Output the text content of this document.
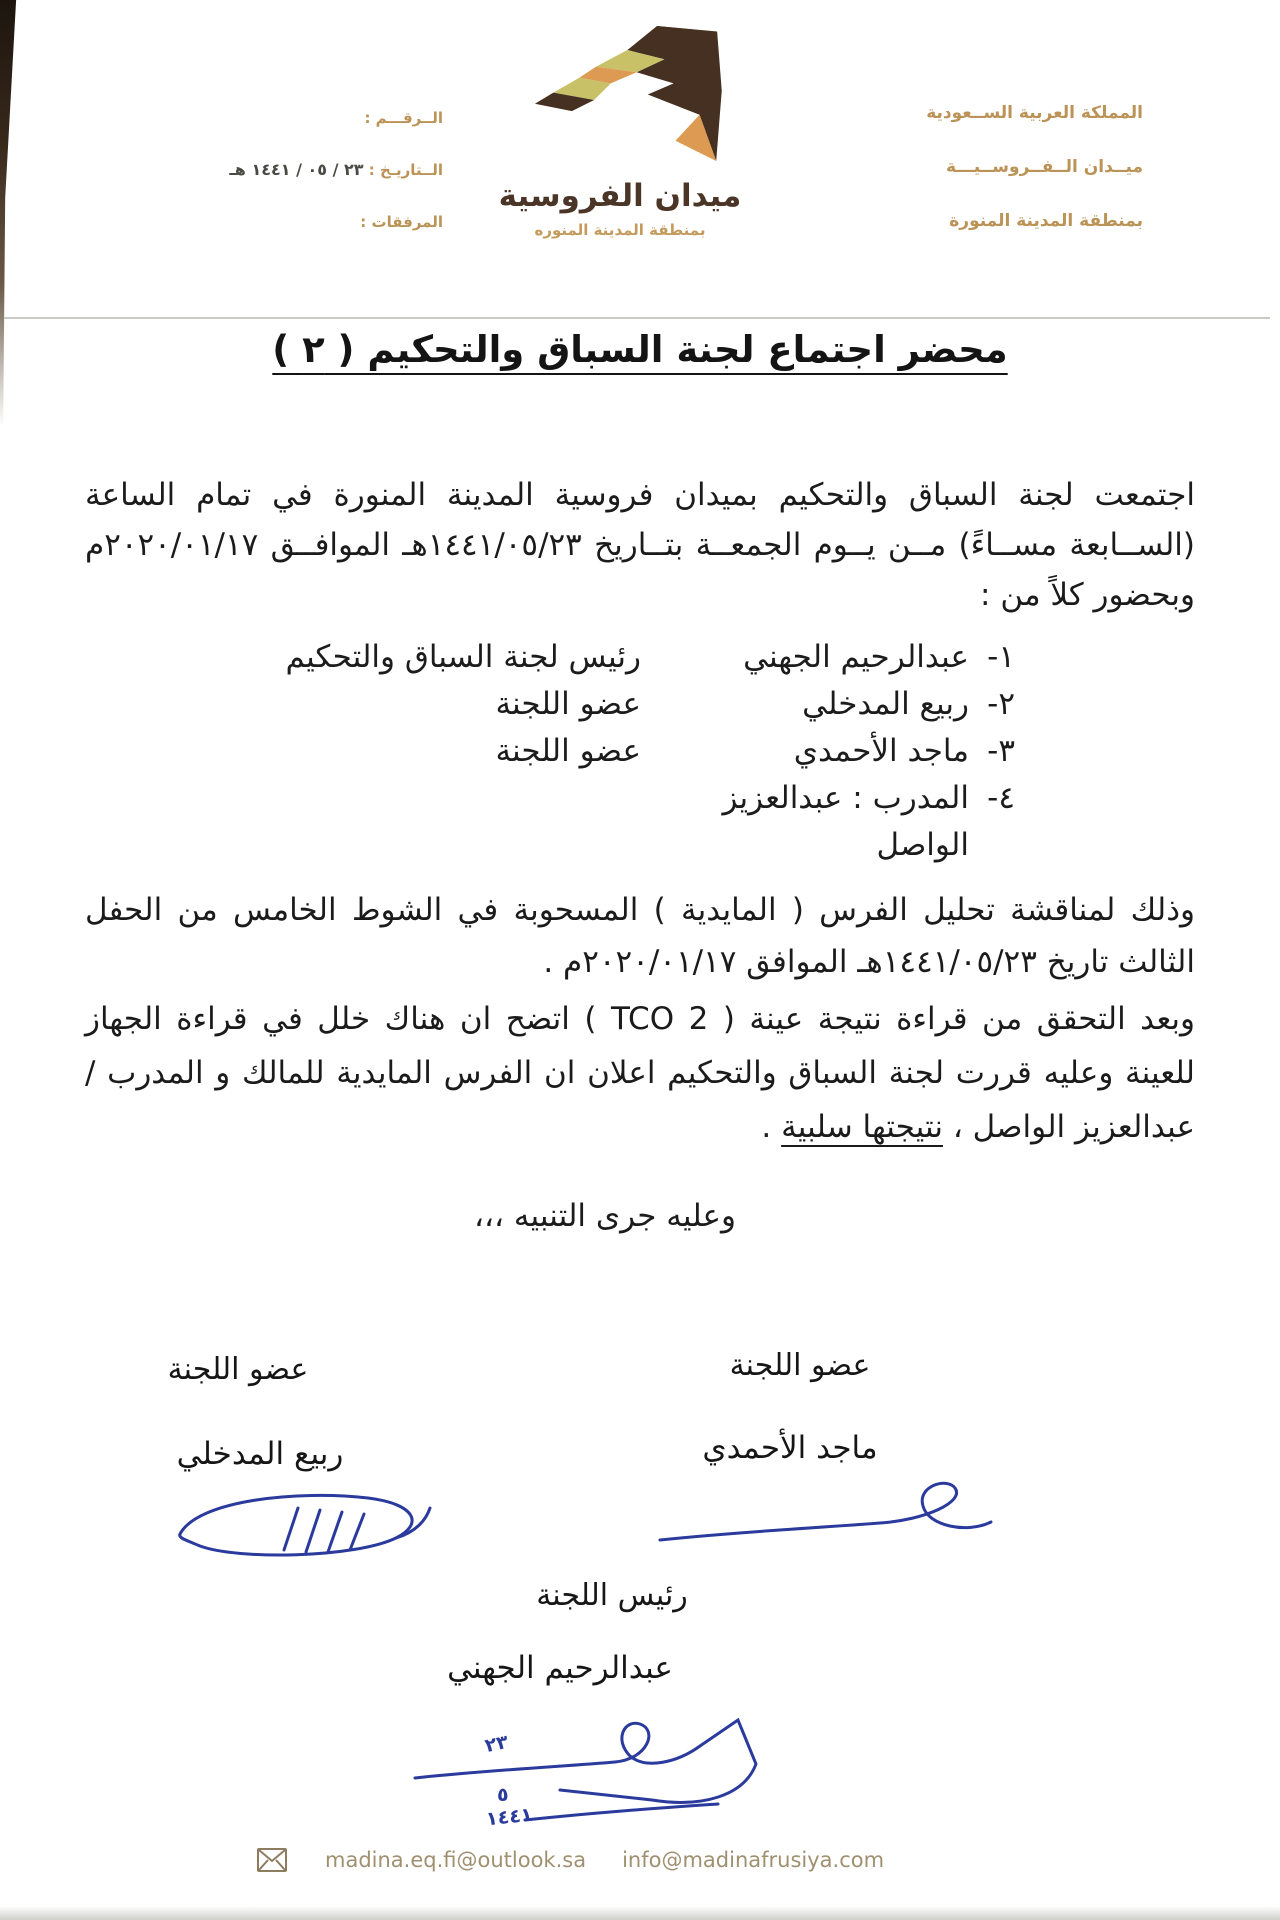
الــرقـــم :
الــتاريـخ : ٢٣ / ٠٥ / ١٤٤١ هـ
المرفقات :
ميدان الفروسية
بمنطقة المدينة المنوره
المملكة العربية الســعودية
ميــدان الــفــروســيـــة
بمنطقة المدينة المنورة
محضر اجتماع لجنة السباق والتحكيم ( ٢ )

اجتمعت لجنة السباق والتحكيم بميدان فروسية المدينة المنورة في تمام الساعة (الســابعة مســاءً) مــن يــوم الجمعــة بتــاريخ ١٤٤١/٠٥/٢٣هـ الموافــق ٢٠٢٠/٠١/١٧م وبحضور كلاً من :

١-
عبدالرحيم الجهني
رئيس لجنة السباق والتحكيم
٢-
ربيع المدخلي
عضو اللجنة
٣-
ماجد الأحمدي
عضو اللجنة
٤-
المدرب : عبدالعزيز الواصل

وذلك لمناقشة تحليل الفرس ( المايدية ) المسحوبة في الشوط الخامس من الحفل الثالث تاريخ ١٤٤١/٠٥/٢٣هـ الموافق ٢٠٢٠/٠١/١٧م .

وبعد التحقق من قراءة نتيجة عينة ( TCO 2 ) اتضح ان هناك خلل في قراءة الجهاز للعينة وعليه قررت لجنة السباق والتحكيم اعلان ان الفرس المايدية للمالك و المدرب / عبدالعزيز الواصل ، نتيجتها سلبية .

وعليه جرى التنبيه ،،،
عضو اللجنة
ماجد الأحمدي
عضو اللجنة
ربيع المدخلي
رئيس اللجنة
عبدالرحيم الجهني
٢٣
٥
١٤٤١
madina.eq.fi@outlook.sa info@madinafrusiya.com
